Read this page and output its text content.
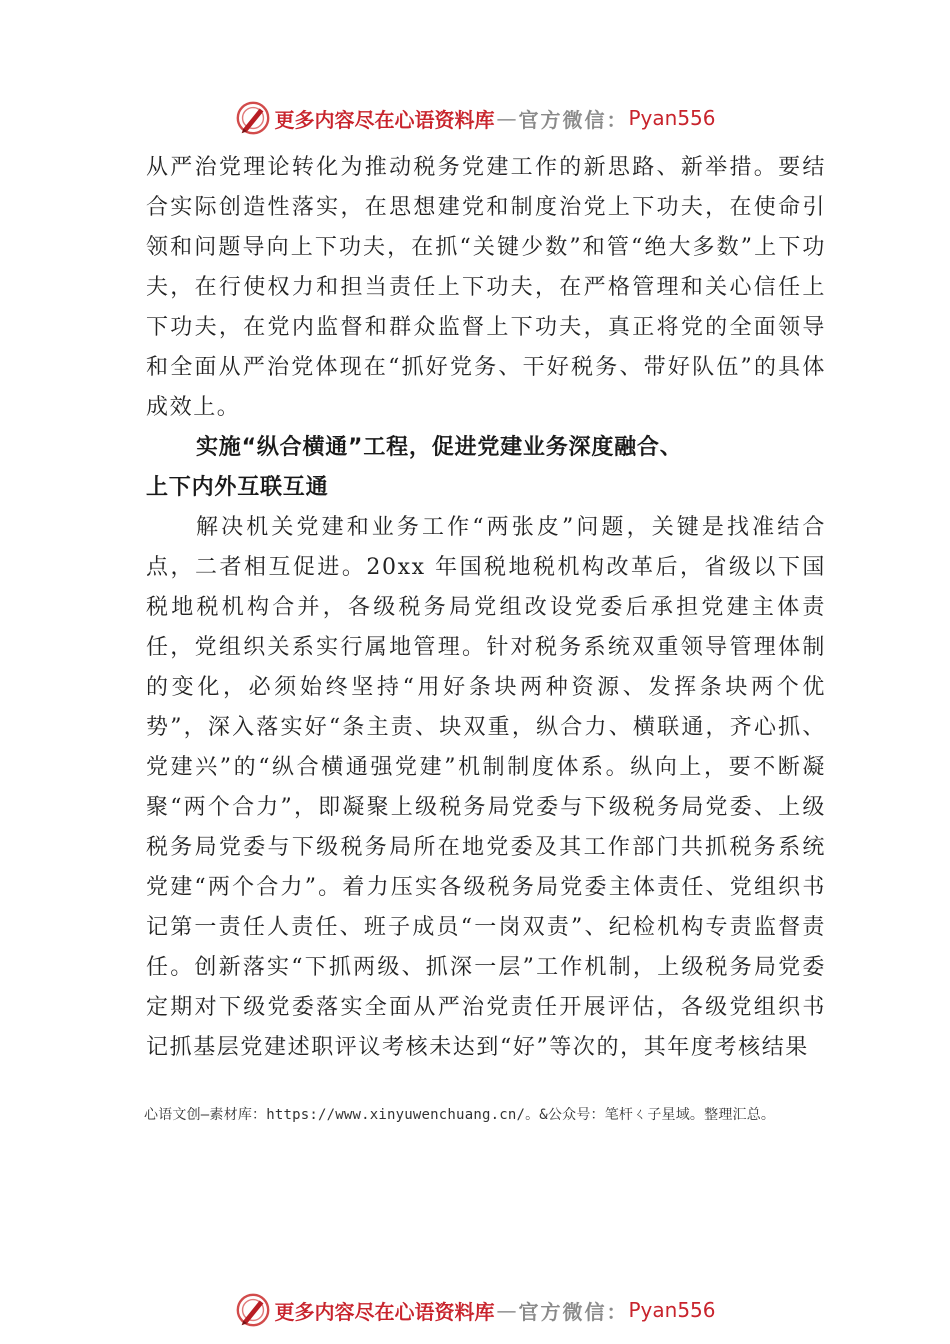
更多内容尽在心语资料库 — 官方微信： Pyan556

从严治党理论转化为推动税务党建工作的新思路、新举措。要结合实际创造性落实，在思想建党和制度治党上下功夫，在使命引领和问题导向上下功夫，在抓“关键少数”和管“绝大多数”上下功夫，在行使权力和担当责任上下功夫，在严格管理和关心信任上下功夫，在党内监督和群众监督上下功夫，真正将党的全面领导和全面从严治党体现在“抓好党务、干好税务、带好队伍”的具体成效上。

实施“纵合横通”工程，促进党建业务深度融合、
上下内外互联互通

解决机关党建和业务工作“两张皮”问题，关键是找准结合点，二者相互促进。20xx 年国税地税机构改革后，省级以下国税地税机构合并，各级税务局党组改设党委后承担党建主体责任，党组织关系实行属地管理。针对税务系统双重领导管理体制的变化，必须始终坚持“用好条块两种资源、发挥条块两个优势”，深入落实好“条主责、块双重，纵合力、横联通，齐心抓、党建兴”的“纵合横通强党建”机制制度体系。纵向上，要不断凝聚“两个合力”，即凝聚上级税务局党委与下级税务局党委、上级税务局党委与下级税务局所在地党委及其工作部门共抓税务系统党建“两个合力”。着力压实各级税务局党委主体责任、党组织书记第一责任人责任、班子成员“一岗双责”、纪检机构专责监督责任。创新落实“下抓两级、抓深一层”工作机制，上级税务局党委定期对下级党委落实全面从严治党责任开展评估，各级党组织书记抓基层党建述职评议考核未达到“好”等次的，其年度考核结果

心语文创—素材库：https://www.xinyuwenchuang.cn/。&公众号：笔杆ㄑ子星域。整理汇总。
更多内容尽在心语资料库 — 官方微信： Pyan556
